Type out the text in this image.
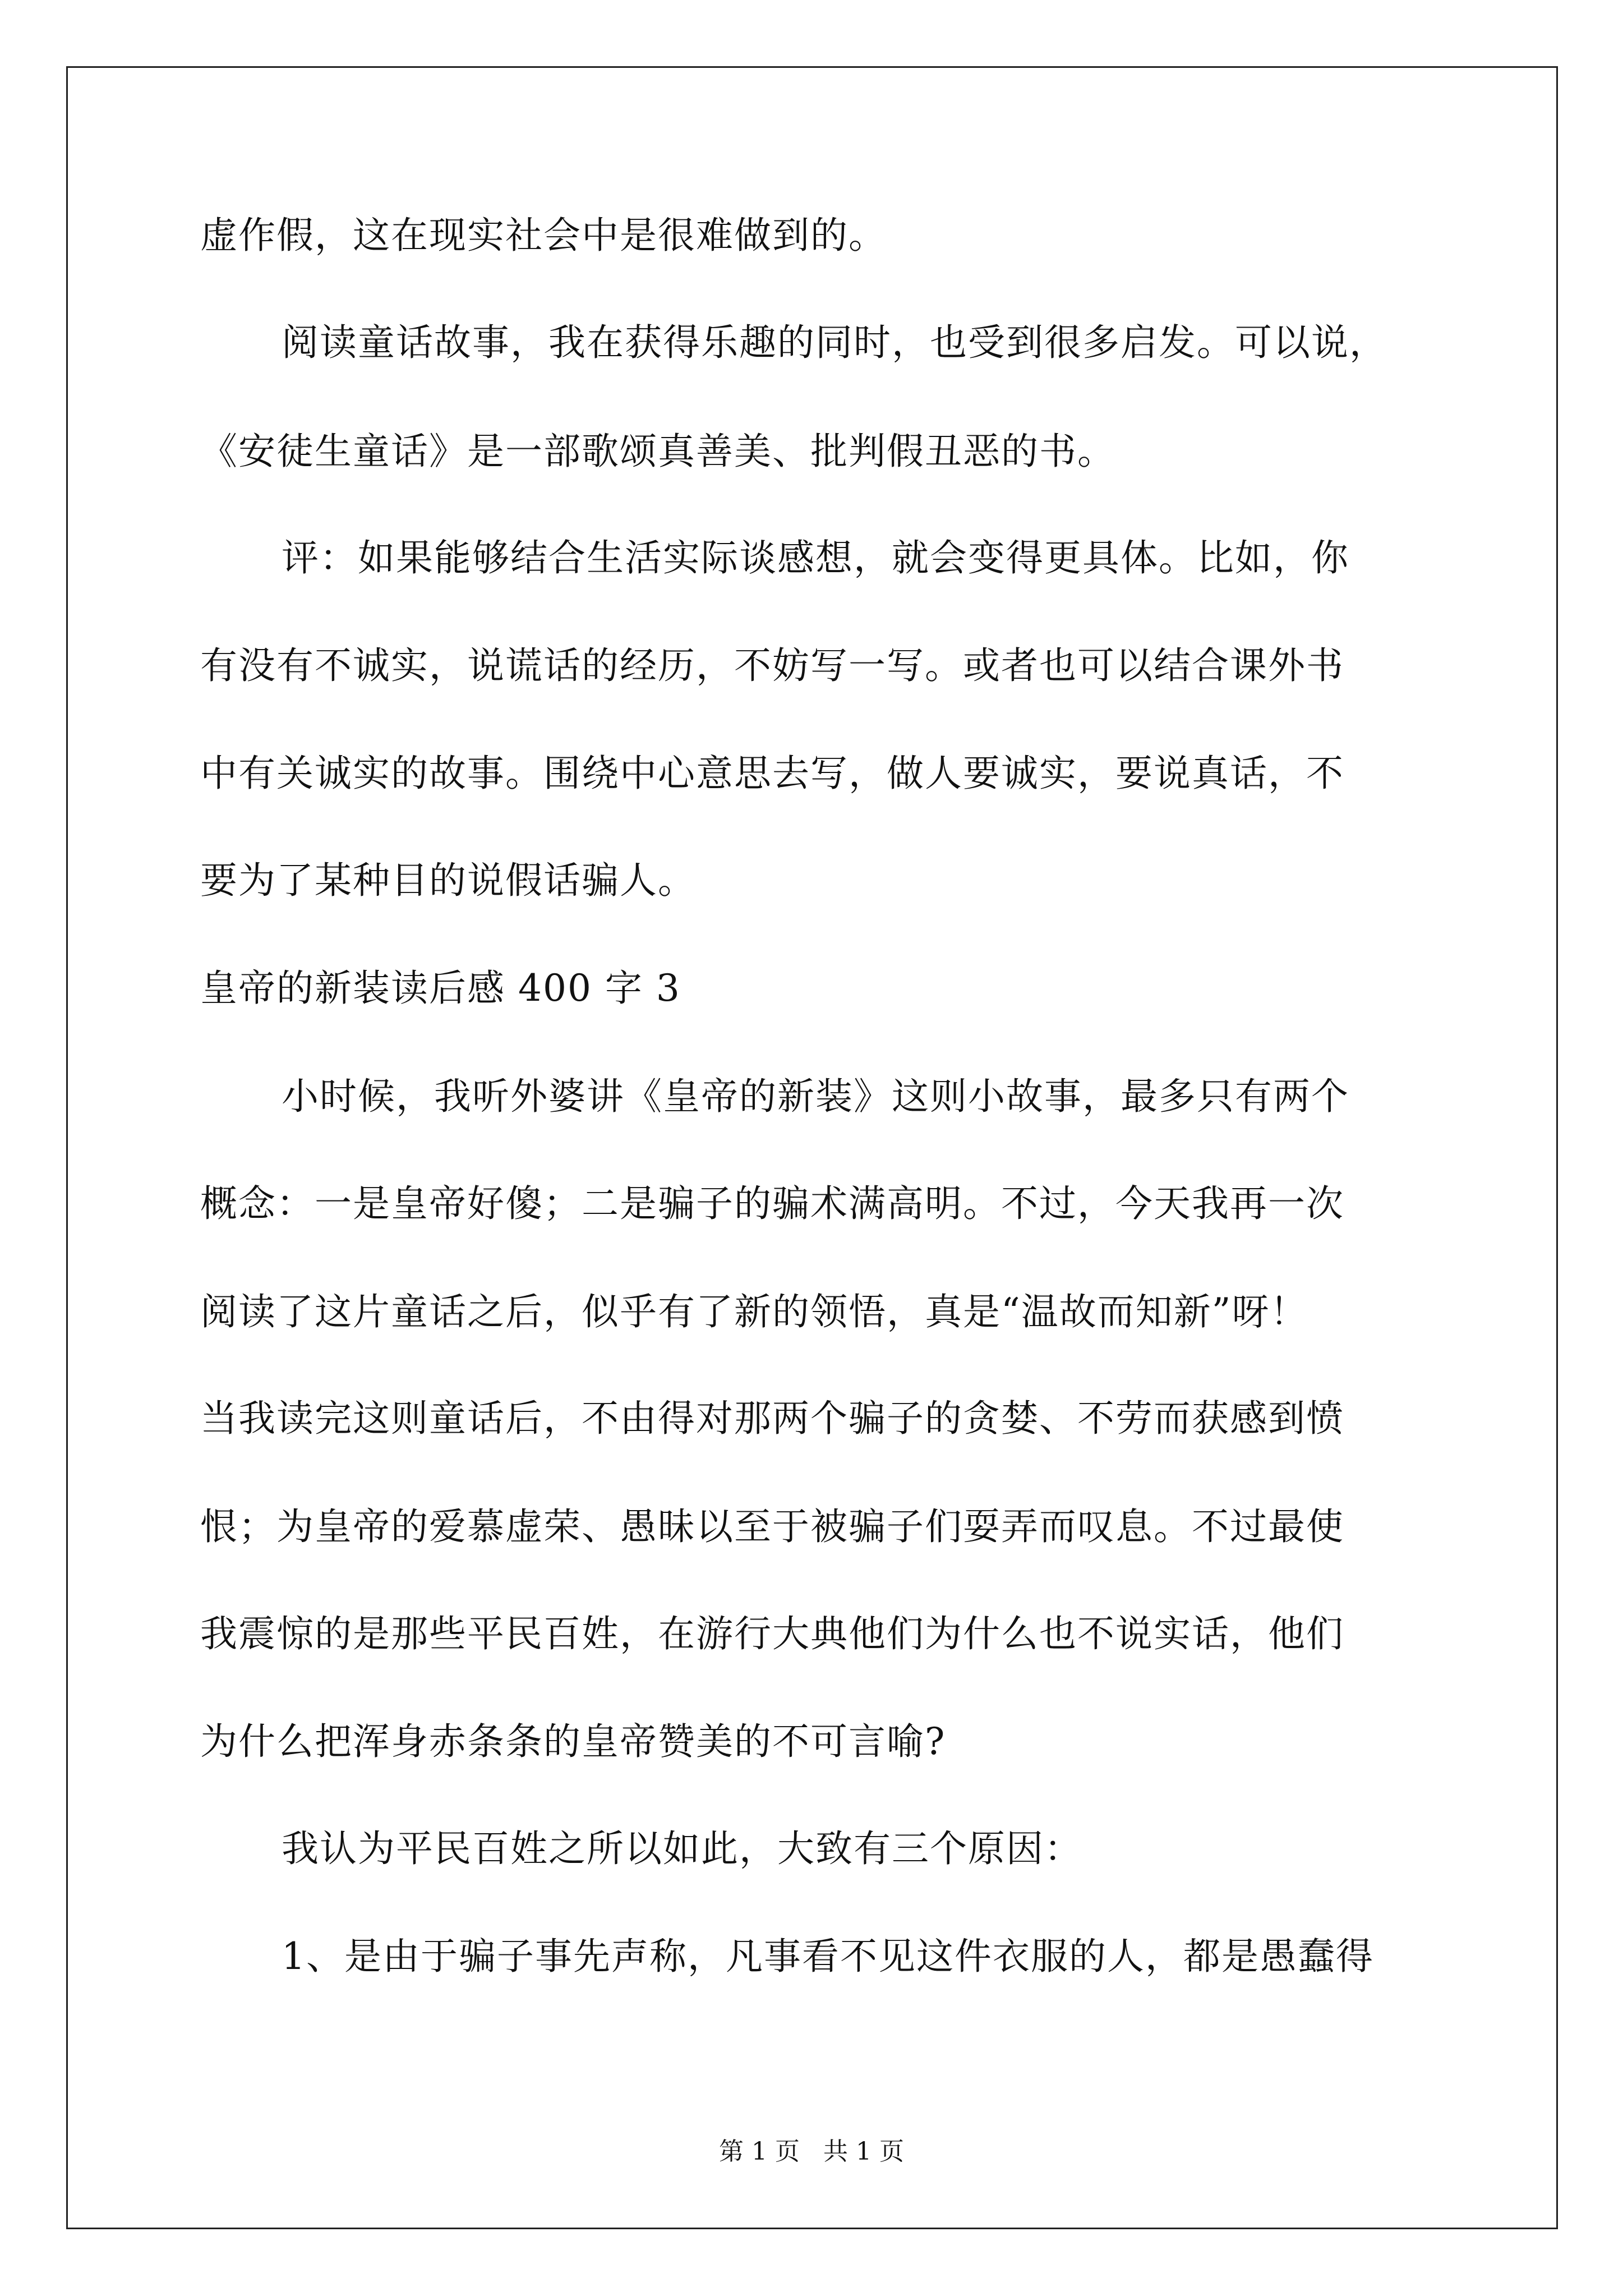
虚作假，这在现实社会中是很难做到的。
阅读童话故事，我在获得乐趣的同时，也受到很多启发。可以说，
《安徒生童话》是一部歌颂真善美、批判假丑恶的书。
评：如果能够结合生活实际谈感想，就会变得更具体。比如，你
有没有不诚实，说谎话的经历，不妨写一写。或者也可以结合课外书
中有关诚实的故事。围绕中心意思去写，做人要诚实，要说真话，不
要为了某种目的说假话骗人。
皇帝的新装读后感 400 字 3
小时候，我听外婆讲《皇帝的新装》这则小故事，最多只有两个
概念：一是皇帝好傻；二是骗子的骗术满高明。不过，今天我再一次
阅读了这片童话之后，似乎有了新的领悟，真是“温故而知新”呀！
当我读完这则童话后，不由得对那两个骗子的贪婪、不劳而获感到愤
恨；为皇帝的爱慕虚荣、愚昧以至于被骗子们耍弄而叹息。不过最使
我震惊的是那些平民百姓，在游行大典他们为什么也不说实话，他们
为什么把浑身赤条条的皇帝赞美的不可言喻?
我认为平民百姓之所以如此，大致有三个原因：
1、是由于骗子事先声称，凡事看不见这件衣服的人，都是愚蠢得
第 1 页   共 1 页
